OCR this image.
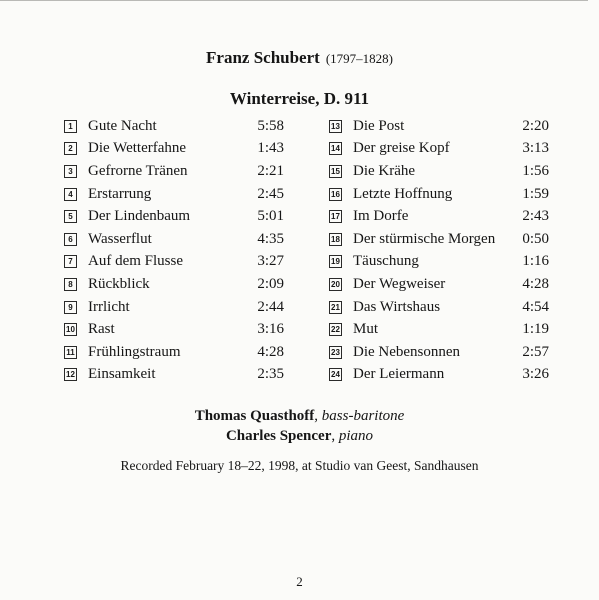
Franz Schubert (1797–1828)
Winterreise, D. 911
1 Gute Nacht	5:58
2 Die Wetterfahne	1:43
3 Gefrorne Tränen	2:21
4 Erstarrung	2:45
5 Der Lindenbaum	5:01
6 Wasserflut	4:35
7 Auf dem Flusse	3:27
8 Rückblick	2:09
9 Irrlicht	2:44
10 Rast	3:16
11 Frühlingstraum	4:28
12 Einsamkeit	2:35
13 Die Post	2:20
14 Der greise Kopf	3:13
15 Die Krähe	1:56
16 Letzte Hoffnung	1:59
17 Im Dorfe	2:43
18 Der stürmische Morgen	0:50
19 Täuschung	1:16
20 Der Wegweiser	4:28
21 Das Wirtshaus	4:54
22 Mut	1:19
23 Die Nebensonnen	2:57
24 Der Leiermann	3:26
Thomas Quasthoff, bass-baritone
Charles Spencer, piano
Recorded February 18–22, 1998, at Studio van Geest, Sandhausen
2
